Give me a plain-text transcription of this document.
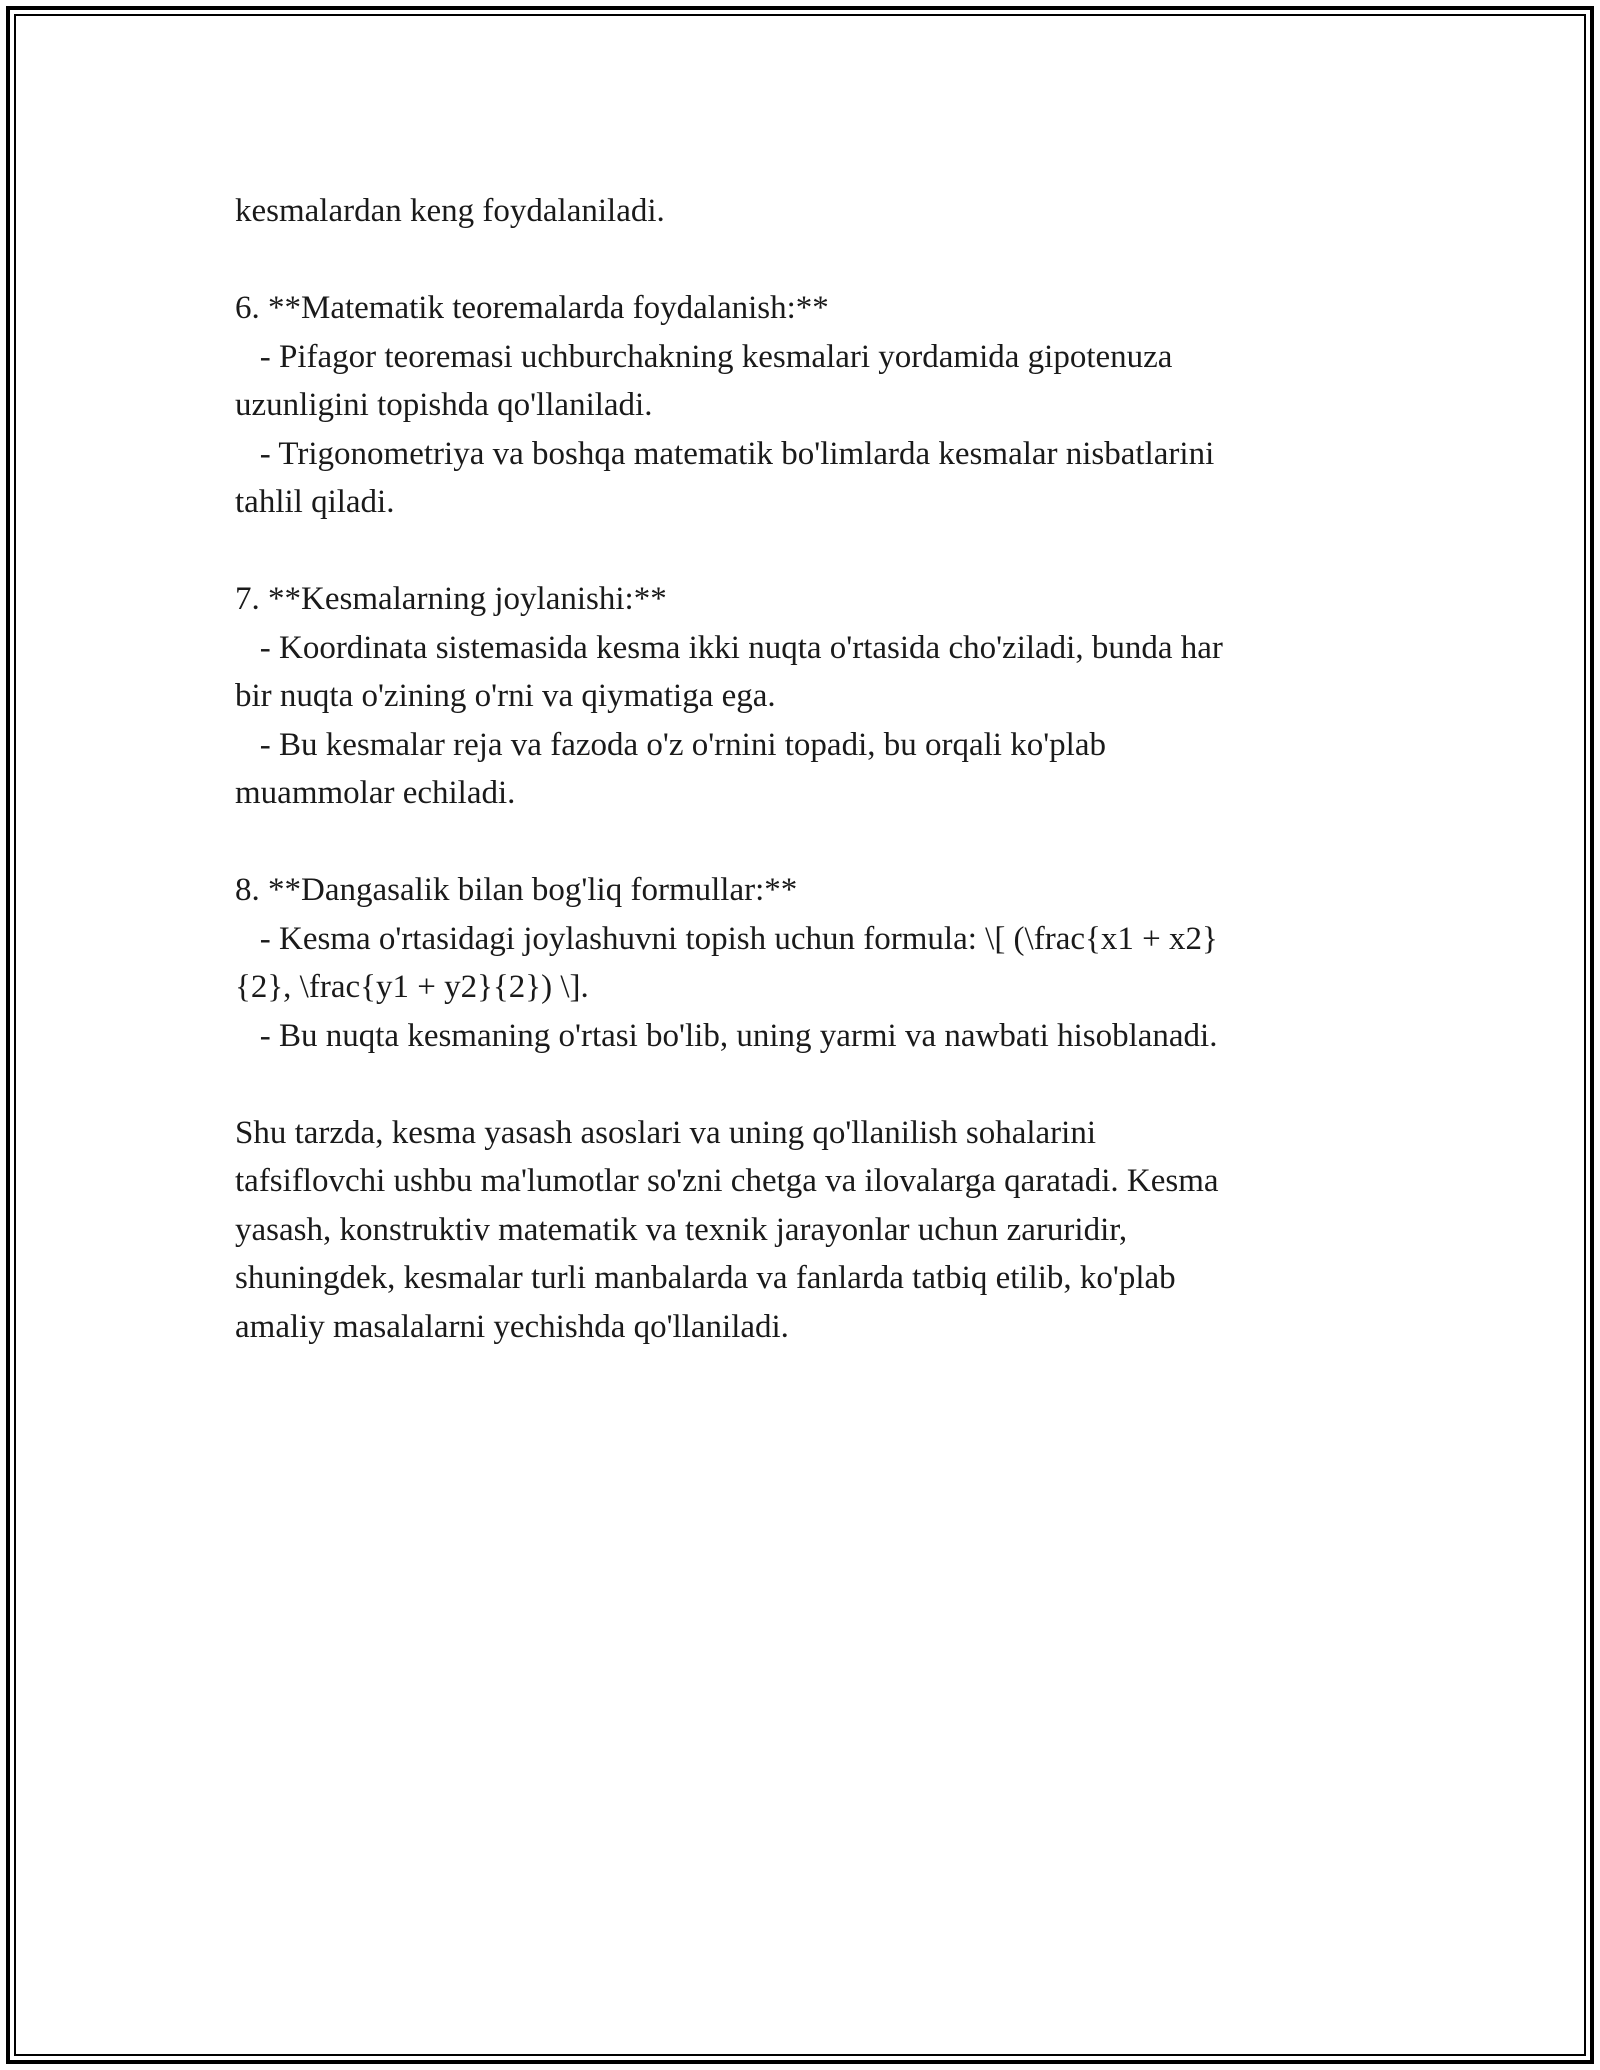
kesmalardan keng foydalaniladi.
6. **Matematik teoremalarda foydalanish:**
- Pifagor teoremasi uchburchakning kesmalari yordamida gipotenuza
uzunligini topishda qo'llaniladi.
- Trigonometriya va boshqa matematik bo'limlarda kesmalar nisbatlarini
tahlil qiladi.
7. **Kesmalarning joylanishi:**
- Koordinata sistemasida kesma ikki nuqta o'rtasida cho'ziladi, bunda har
bir nuqta o'zining o'rni va qiymatiga ega.
- Bu kesmalar reja va fazoda o'z o'rnini topadi, bu orqali ko'plab
muammolar echiladi.
8. **Dangasalik bilan bog'liq formullar:**
- Kesma o'rtasidagi joylashuvni topish uchun formula: \[ (\frac{x1 + x2}
{2}, \frac{y1 + y2}{2}) \].
- Bu nuqta kesmaning o'rtasi bo'lib, uning yarmi va nawbati hisoblanadi.
Shu tarzda, kesma yasash asoslari va uning qo'llanilish sohalarini
tafsiflovchi ushbu ma'lumotlar so'zni chetga va ilovalarga qaratadi. Kesma
yasash, konstruktiv matematik va texnik jarayonlar uchun zaruridir,
shuningdek, kesmalar turli manbalarda va fanlarda tatbiq etilib, ko'plab
amaliy masalalarni yechishda qo'llaniladi.
